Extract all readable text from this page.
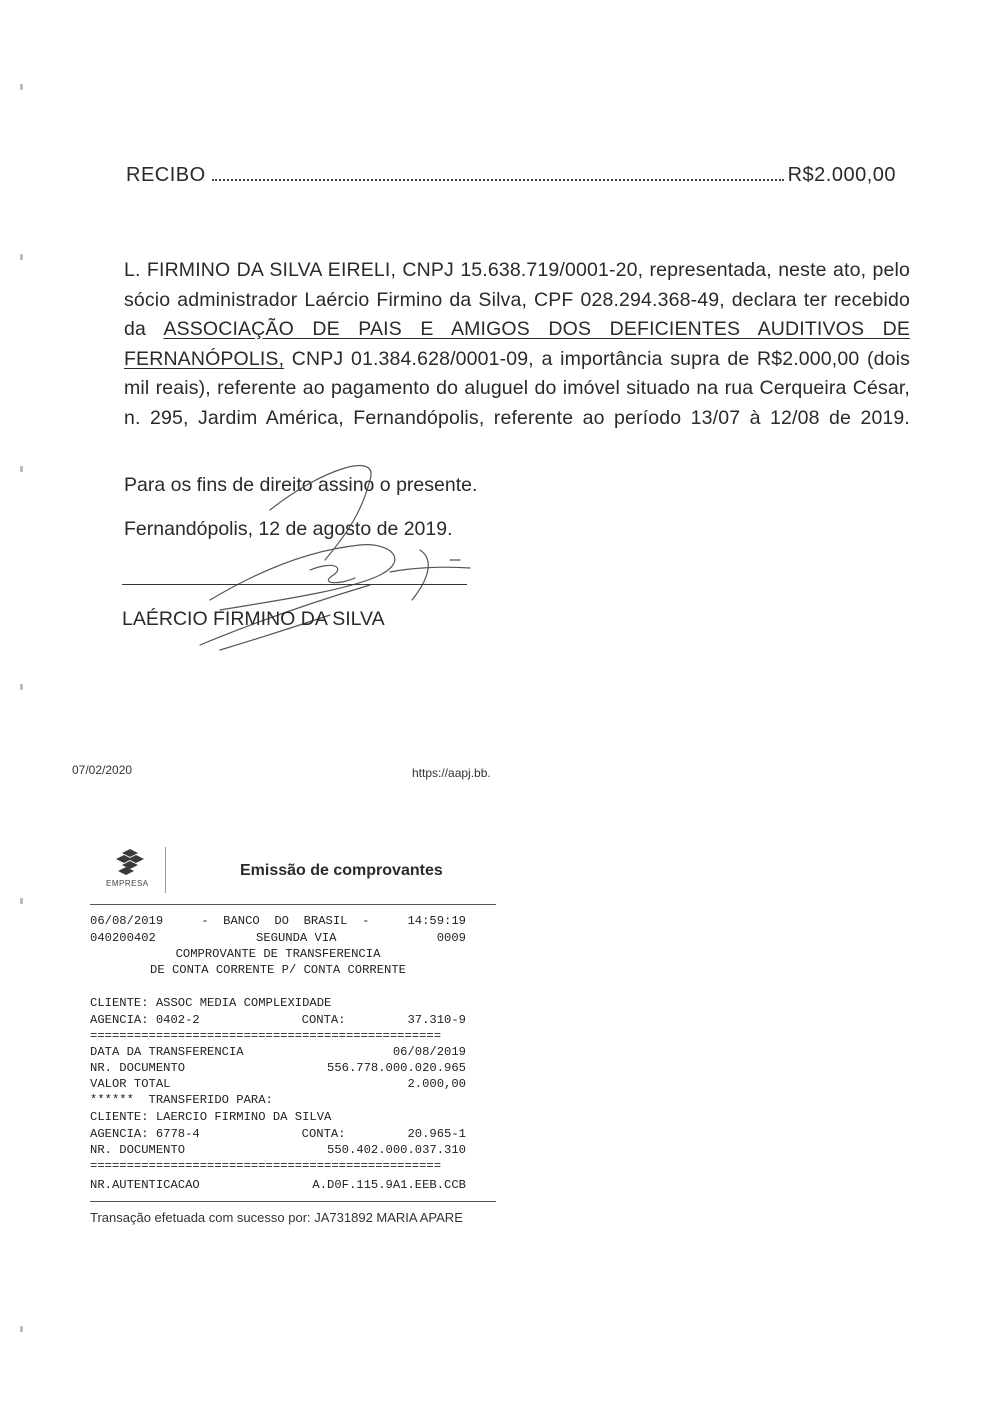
RECIBO	R$2.000,00
L. FIRMINO DA SILVA EIRELI, CNPJ 15.638.719/0001-20, representada, neste ato, pelo sócio administrador Laércio Firmino da Silva, CPF 028.294.368-49, declara ter recebido da ASSOCIAÇÃO DE PAIS E AMIGOS DOS DEFICIENTES AUDITIVOS DE FERNANÓPOLIS, CNPJ 01.384.628/0001-09, a importância supra de R$2.000,00 (dois mil reais), referente ao pagamento do aluguel do imóvel situado na rua Cerqueira César, n. 295, Jardim América, Fernandópolis, referente ao período 13/07 à 12/08 de 2019.
Para os fins de direito assino o presente.
Fernandópolis, 12 de agosto de 2019.
LAÉRCIO FIRMINO DA SILVA
07/02/2020	https://aapj.bb.
EMPRESA
Emissão de comprovantes
06/08/2019	-  BANCO  DO  BRASIL  -	14:59:19
040200402	SEGUNDA VIA	0009
COMPROVANTE DE TRANSFERENCIA
DE CONTA CORRENTE P/ CONTA CORRENTE
CLIENTE: ASSOC MEDIA COMPLEXIDADE
AGENCIA: 0402-2	CONTA:	37.310-9
================================================
DATA DA TRANSFERENCIA	06/08/2019
NR. DOCUMENTO	556.778.000.020.965
VALOR TOTAL	2.000,00
******  TRANSFERIDO PARA:
CLIENTE: LAERCIO FIRMINO DA SILVA
AGENCIA: 6778-4	CONTA:	20.965-1
NR. DOCUMENTO	550.402.000.037.310
================================================
NR.AUTENTICACAO	A.D0F.115.9A1.EEB.CCB
Transação efetuada com sucesso por: JA731892 MARIA APARE
